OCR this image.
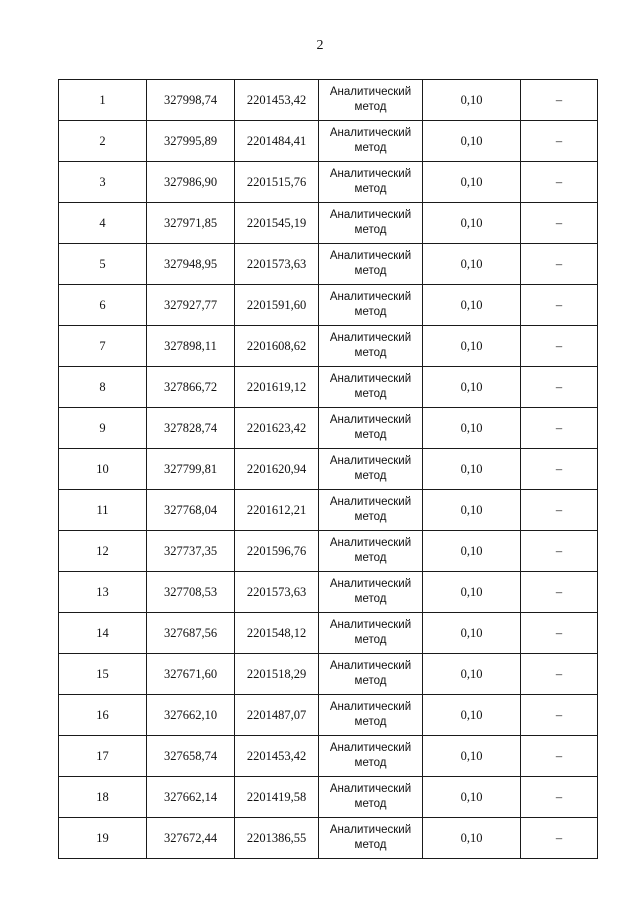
2
1	327998,74	2201453,42	Аналитический метод	0,10	–
2	327995,89	2201484,41	Аналитический метод	0,10	–
3	327986,90	2201515,76	Аналитический метод	0,10	–
4	327971,85	2201545,19	Аналитический метод	0,10	–
5	327948,95	2201573,63	Аналитический метод	0,10	–
6	327927,77	2201591,60	Аналитический метод	0,10	–
7	327898,11	2201608,62	Аналитический метод	0,10	–
8	327866,72	2201619,12	Аналитический метод	0,10	–
9	327828,74	2201623,42	Аналитический метод	0,10	–
10	327799,81	2201620,94	Аналитический метод	0,10	–
11	327768,04	2201612,21	Аналитический метод	0,10	–
12	327737,35	2201596,76	Аналитический метод	0,10	–
13	327708,53	2201573,63	Аналитический метод	0,10	–
14	327687,56	2201548,12	Аналитический метод	0,10	–
15	327671,60	2201518,29	Аналитический метод	0,10	–
16	327662,10	2201487,07	Аналитический метод	0,10	–
17	327658,74	2201453,42	Аналитический метод	0,10	–
18	327662,14	2201419,58	Аналитический метод	0,10	–
19	327672,44	2201386,55	Аналитический метод	0,10	–
